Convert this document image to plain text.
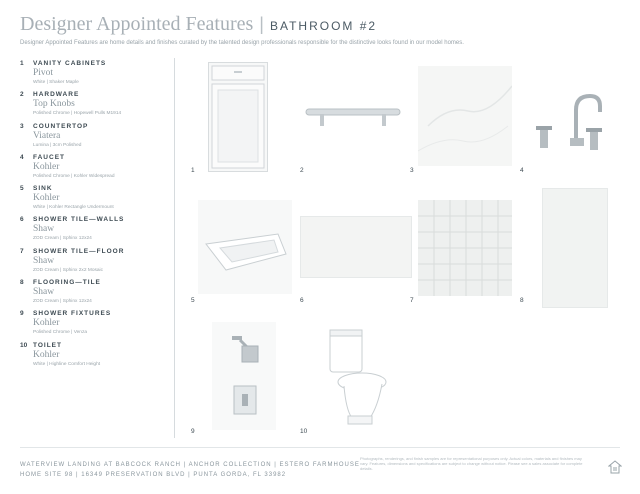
Designer Appointed Features | BATHROOM #2
Designer Appointed Features are home details and finishes curated by the talented design professionals responsible for the distinctive looks found in our model homes.
1 VANITY CABINETS
Pivot
White | Shaker Maple
2 HARDWARE
Top Knobs
Polished Chrome | Hopewell Pulls M1914
3 COUNTERTOP
Viatera
Lumina | 3cm Polished
4 FAUCET
Kohler
Polished Chrome | Kohler Widespread
5 SINK
Kohler
White | Kohler Rectangle Undermount
6 SHOWER TILE—WALLS
Shaw
ZOD Cream | Sphinx 12x24
7 SHOWER TILE—FLOOR
Shaw
ZOD Cream | Sphinx 2x2 Mosaic
8 FLOORING—TILE
Shaw
ZOD Cream | Sphinx 12x24
9 SHOWER FIXTURES
Kohler
Polished Chrome | Venza
10 TOILET
Kohler
White | Highline Comfort Height
1	2	3	4
5	6	7	8
9	10
WATERVIEW LANDING AT BABCOCK RANCH | ANCHOR COLLECTION | ESTERO FARMHOUSE
HOME SITE 98 | 16349 PRESERVATION BLVD | PUNTA GORDA, FL 33982
Photographs, renderings, and finish samples are for representational purposes only. Actual colors, materials and finishes may vary. Features, dimensions and specifications are subject to change without notice. Please see a sales associate for complete details.
